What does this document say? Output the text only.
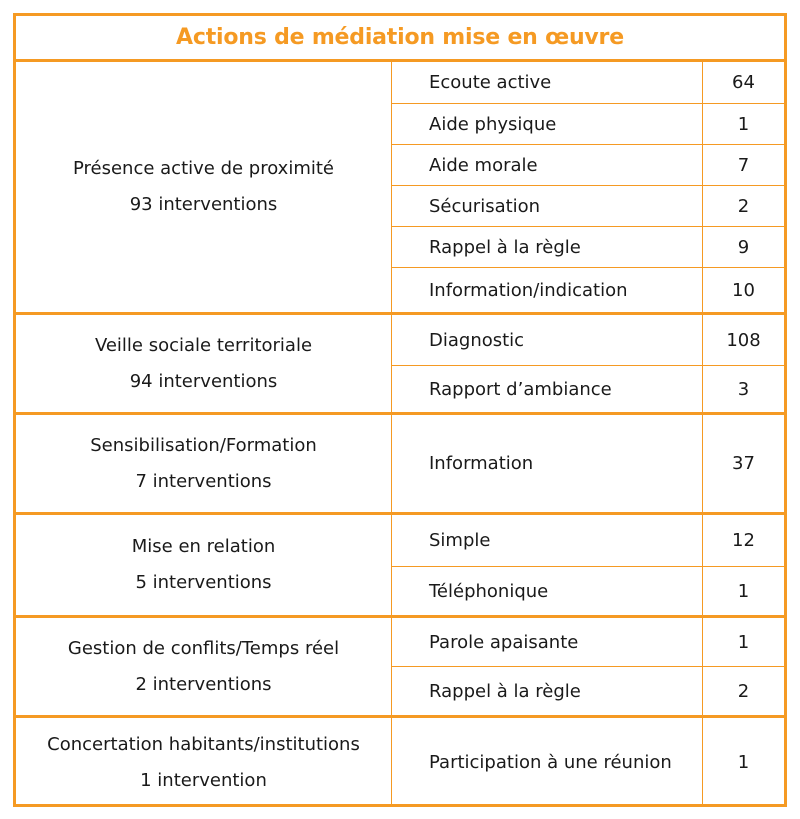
Actions de médiation mise en œuvre
Présence active de proximité
93 interventions
Ecoute active	64
Aide physique	1
Aide morale	7
Sécurisation	2
Rappel à la règle	9
Information/indication	10
Veille sociale territoriale
94 interventions
Diagnostic	108
Rapport d’ambiance	3
Sensibilisation/Formation
7 interventions
Information	37
Mise en relation
5 interventions
Simple	12
Téléphonique	1
Gestion de conflits/Temps réel
2 interventions
Parole apaisante	1
Rappel à la règle	2
Concertation habitants/institutions
1 intervention
Participation à une réunion	1
